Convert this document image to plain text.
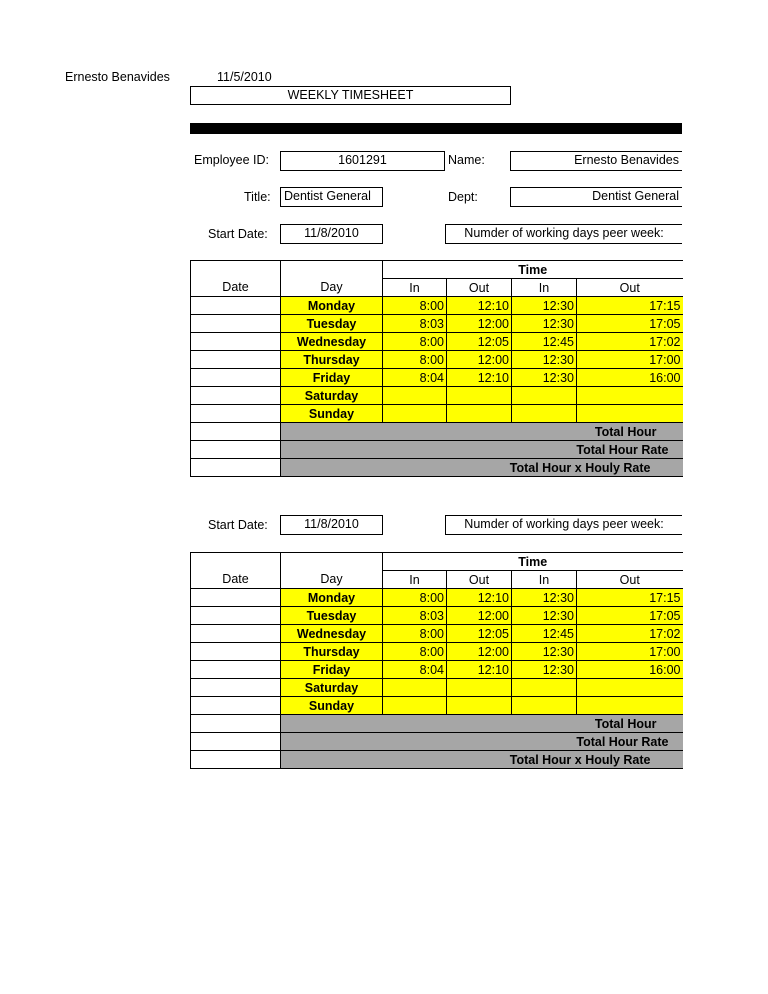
Ernesto Benavides	11/5/2010
WEEKLY TIMESHEET
Employee ID:	1601291	Name:	Ernesto Benavides
Title:	Dentist General	Dept:	Dentist General
Start Date:	11/8/2010	Numder of working days peer week:
		Time			
Date	Day	In	Out	In	Out
	Monday	8:00	12:10	12:30	17:15
	Tuesday	8:03	12:00	12:30	17:05
	Wednesday	8:00	12:05	12:45	17:02
	Thursday	8:00	12:00	12:30	17:00
	Friday	8:04	12:10	12:30	16:00
	Saturday				
	Sunday				
	Total Hour				
	Total Hour Rate				
	Total Hour x Houly Rate				
Start Date:	11/8/2010	Numder of working days peer week:
		Time			
Date	Day	In	Out	In	Out
	Monday	8:00	12:10	12:30	17:15
	Tuesday	8:03	12:00	12:30	17:05
	Wednesday	8:00	12:05	12:45	17:02
	Thursday	8:00	12:00	12:30	17:00
	Friday	8:04	12:10	12:30	16:00
	Saturday				
	Sunday				
	Total Hour				
	Total Hour Rate				
	Total Hour x Houly Rate				
